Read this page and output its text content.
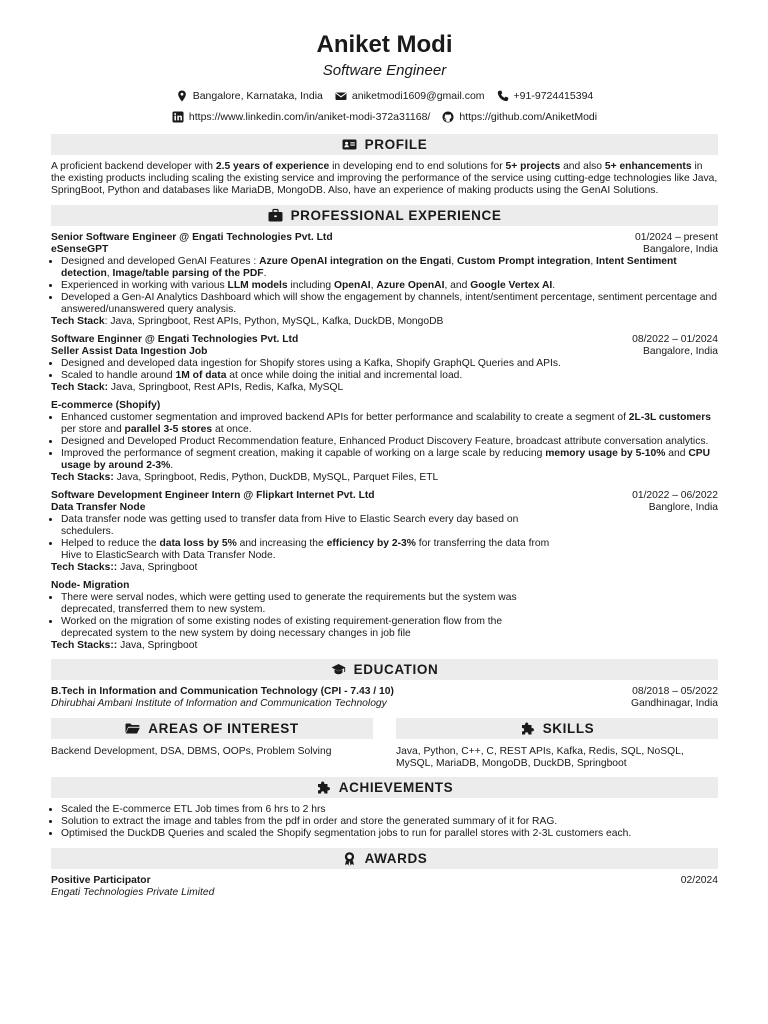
Aniket Modi
Software Engineer
Bangalore, Karnataka, India	aniketmodi1609@gmail.com	+91-9724415394
https://www.linkedin.com/in/aniket-modi-372a31168/	https://github.com/AniketModi
PROFILE
A proficient backend developer with 2.5 years of experience in developing end to end solutions for 5+ projects and also 5+ enhancements in the existing products including scaling the existing service and improving the performance of the service using cutting-edge technologies like Java, SpringBoot, Python and databases like MariaDB, MongoDB. Also, have an experience of making products using the GenAI Solutions.
PROFESSIONAL EXPERIENCE
Senior Software Engineer @ Engati Technologies Pvt. Ltd	01/2024 – present
eSenseGPT	Bangalore, India
• Designed and developed GenAI Features : Azure OpenAI integration on the Engati, Custom Prompt integration, Intent Sentiment detection, Image/table parsing of the PDF.
• Experienced in working with various LLM models including OpenAI, Azure OpenAI, and Google Vertex AI.
• Developed a Gen-AI Analytics Dashboard which will show the engagement by channels, intent/sentiment percentage, sentiment percentage and answered/unanswered query analysis.
Tech Stack: Java, Springboot, Rest APIs, Python, MySQL, Kafka, DuckDB, MongoDB
Software Enginner @ Engati Technologies Pvt. Ltd	08/2022 – 01/2024
Seller Assist Data Ingestion Job	Bangalore, India
• Designed and developed data ingestion for Shopify stores using a Kafka, Shopify GraphQL Queries and APIs.
• Scaled to handle around 1M of data at once while doing the initial and incremental load.
Tech Stack: Java, Springboot, Rest APIs, Redis, Kafka, MySQL
E-commerce (Shopify)
• Enhanced customer segmentation and improved backend APIs for better performance and scalability to create a segment of 2L-3L customers per store and parallel 3-5 stores at once.
• Designed and Developed Product Recommendation feature, Enhanced Product Discovery Feature, broadcast attribute conversation analytics.
• Improved the performance of segment creation, making it capable of working on a large scale by reducing memory usage by 5-10% and CPU usage by around 2-3%.
Tech Stacks: Java, Springboot, Redis, Python, DuckDB, MySQL, Parquet Files, ETL
Software Development Engineer Intern @ Flipkart Internet Pvt. Ltd	01/2022 – 06/2022
Data Transfer Node	Banglore, India
• Data transfer node was getting used to transfer data from Hive to Elastic Search every day based on schedulers.
• Helped to reduce the data loss by 5% and increasing the efficiency by 2-3% for transferring the data from Hive to ElasticSearch with Data Transfer Node.
Tech Stacks:: Java, Springboot
Node- Migration
• There were serval nodes, which were getting used to generate the requirements but the system was deprecated, transferred them to new system.
• Worked on the migration of some existing nodes of existing requirement-generation flow from the deprecated system to the new system by doing necessary changes in job file
Tech Stacks:: Java, Springboot
EDUCATION
B.Tech in Information and Communication Technology (CPI - 7.43 / 10)	08/2018 – 05/2022
Dhirubhai Ambani Institute of Information and Communication Technology	Gandhinagar, India
AREAS OF INTEREST
Backend Development, DSA, DBMS, OOPs, Problem Solving
SKILLS
Java, Python, C++, C, REST APIs, Kafka, Redis, SQL, NoSQL, MySQL, MariaDB, MongoDB, DuckDB, Springboot
ACHIEVEMENTS
• Scaled the E-commerce ETL Job times from 6 hrs to 2 hrs
• Solution to extract the image and tables from the pdf in order and store the generated summary of it for RAG.
• Optimised the DuckDB Queries and scaled the Shopify segmentation jobs to run for parallel stores with 2-3L customers each.
AWARDS
Positive Participator	02/2024
Engati Technologies Private Limited
